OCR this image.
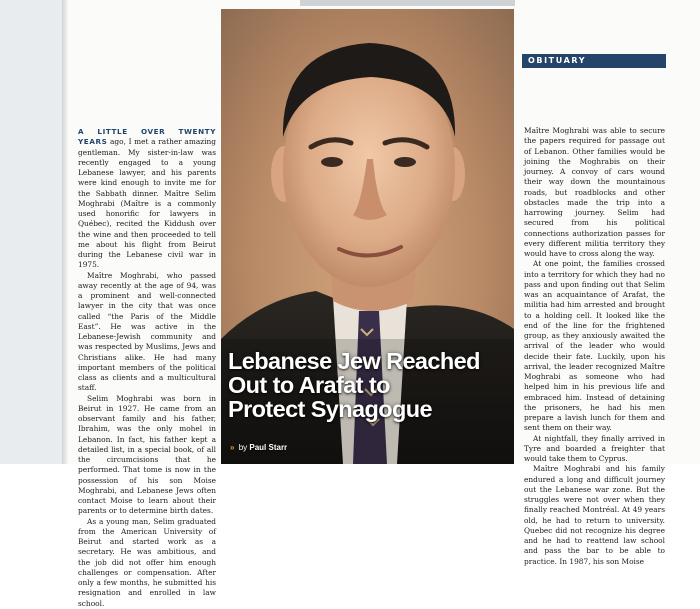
A LITTLE OVER TWENTY YEARS ago, I met a rather amazing gentleman. My sister-in-law was recently engaged to a young Lebanese lawyer, and his parents were kind enough to invite me for the Sabbath dinner. Maître Selim Moghrabi (Maître is a commonly used honorific for lawyers in Québec), recited the Kiddush over the wine and then proceeded to tell me about his flight from Beirut during the Lebanese civil war in 1975.

Maître Moghrabi, who passed away recently at the age of 94, was a prominent and well-connected lawyer in the city that was once called “the Paris of the Middle East”. He was active in the Lebanese-Jewish community and was respected by Muslims, Jews and Christians alike. He had many important members of the political class as clients and a multicultural staff.

Selim Moghrabi was born in Beirut in 1927. He came from an observant family and his father, Ibrahim, was the only mohel in Lebanon. In fact, his father kept a detailed list, in a special book, of all the circumcisions that he performed. That tome is now in the possession of his son Moise Moghrabi, and Lebanese Jews often contact Moise to learn about their parents or to determine birth dates.

As a young man, Selim graduated from the American University of Beirut and started work as a secretary. He was ambitious, and the job did not offer him enough challenges or compensation. After only a few months, he submitted his resignation and enrolled in law school.

Lebanese Jew Reached
Out to Arafat to
Protect Synagogue
» by Paul Starr
OBITUARY

Maître Moghrabi was able to secure the papers required for passage out of Lebanon. Other families would be joining the Moghrabis on their journey. A convoy of cars wound their way down the mountainous roads, but roadblocks and other obstacles made the trip into a harrowing journey. Selim had secured from his political connections authorization passes for every different militia territory they would have to cross along the way.

At one point, the families crossed into a territory for which they had no pass and upon finding out that Selim was an acquaintance of Arafat, the militia had him arrested and brought to a holding cell. It looked like the end of the line for the frightened group, as they anxiously awaited the arrival of the leader who would decide their fate. Luckily, upon his arrival, the leader recognized Maître Moghrabi as someone who had helped him in his previous life and embraced him. Instead of detaining the prisoners, he had his men prepare a lavish lunch for them and sent them on their way.

At nightfall, they finally arrived in Tyre and boarded a freighter that would take them to Cyprus.

Maître Moghrabi and his family endured a long and difficult journey out the Lebanese war zone. But the struggles were not over when they finally reached Montréal. At 49 years old, he had to return to university. Quebec did not recognize his degree and he had to reattend law school and pass the bar to be able to practice. In 1987, his son Moise
